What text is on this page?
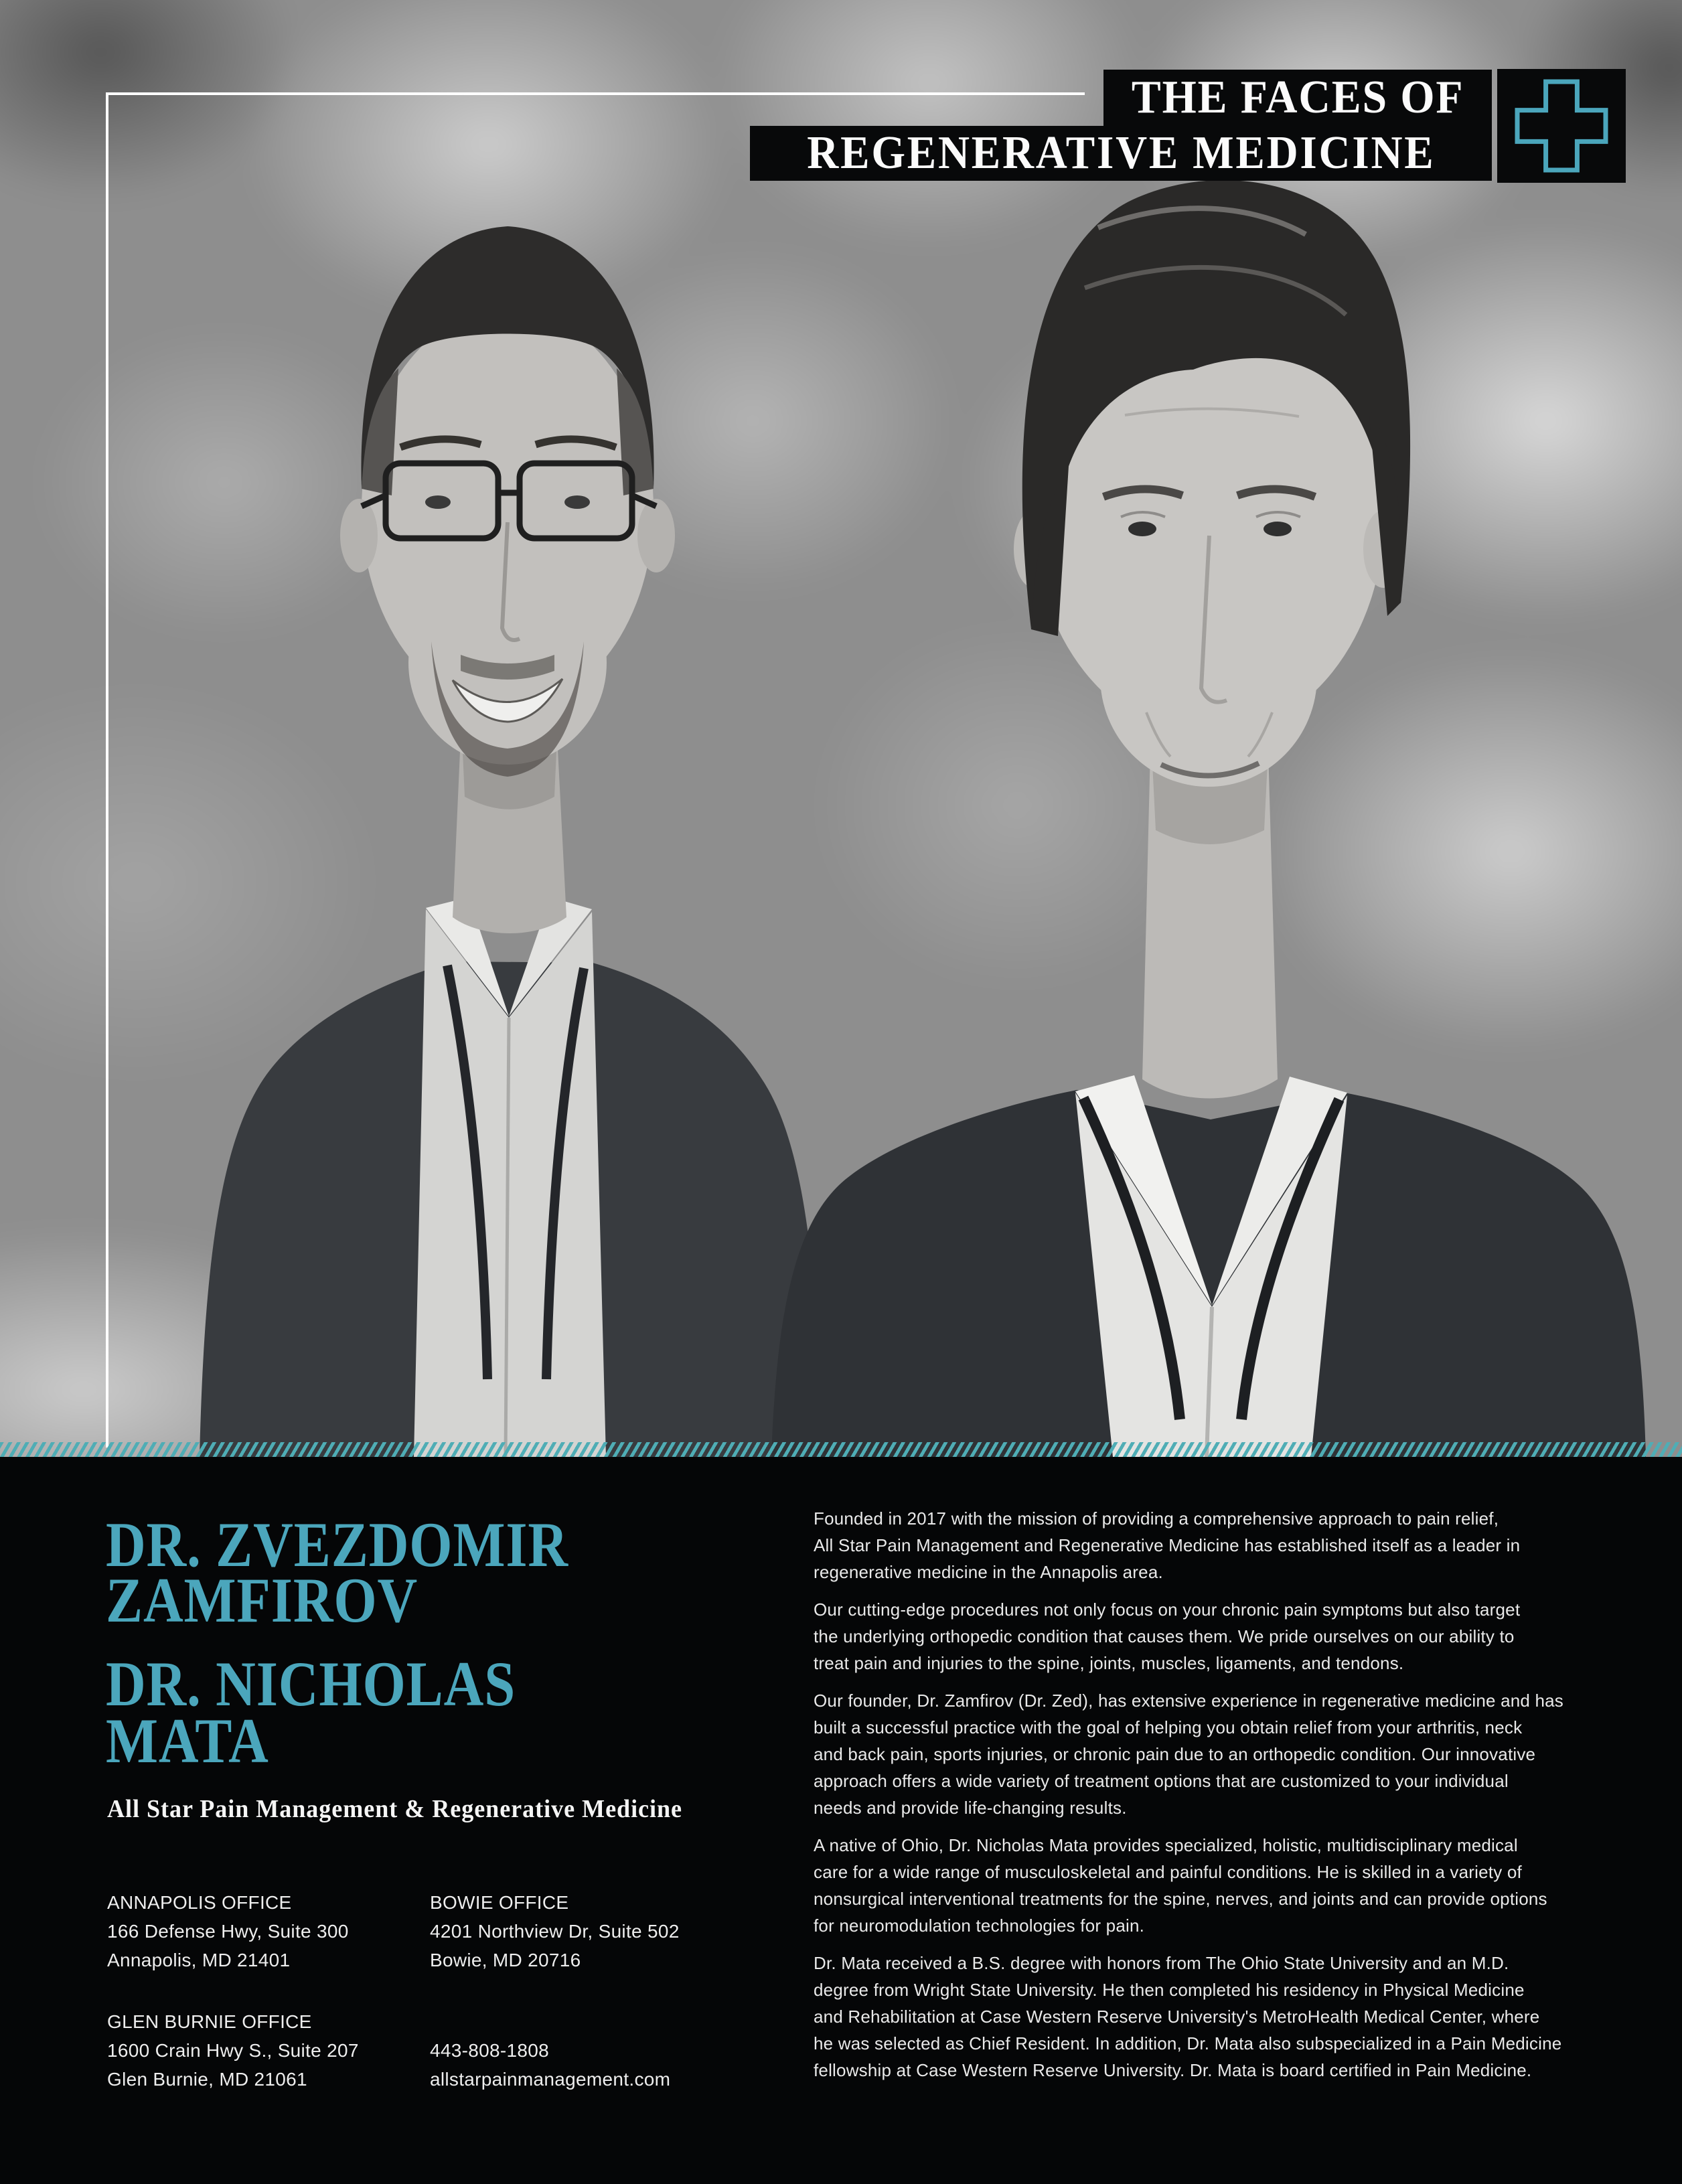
THE FACES OF
REGENERATIVE MEDICINE
DR. ZVEZDOMIR
ZAMFIROV
DR. NICHOLAS
MATA
All Star Pain Management & Regenerative Medicine
ANNAPOLIS OFFICE
166 Defense Hwy, Suite 300
Annapolis, MD 21401
BOWIE OFFICE
4201 Northview Dr, Suite 502
Bowie, MD 20716
GLEN BURNIE OFFICE
1600 Crain Hwy S., Suite 207
Glen Burnie, MD 21061
443-808-1808
allstarpainmanagement.com

Founded in 2017 with the mission of providing a comprehensive approach to pain relief,
All Star Pain Management and Regenerative Medicine has established itself as a leader in
regenerative medicine in the Annapolis area.

Our cutting-edge procedures not only focus on your chronic pain symptoms but also target
the underlying orthopedic condition that causes them. We pride ourselves on our ability to
treat pain and injuries to the spine, joints, muscles, ligaments, and tendons.

Our founder, Dr. Zamfirov (Dr. Zed), has extensive experience in regenerative medicine and has
built a successful practice with the goal of helping you obtain relief from your arthritis, neck
and back pain, sports injuries, or chronic pain due to an orthopedic condition. Our innovative
approach offers a wide variety of treatment options that are customized to your individual
needs and provide life-changing results.

A native of Ohio, Dr. Nicholas Mata provides specialized, holistic, multidisciplinary medical
care for a wide range of musculoskeletal and painful conditions. He is skilled in a variety of
nonsurgical interventional treatments for the spine, nerves, and joints and can provide options
for neuromodulation technologies for pain.

Dr. Mata received a B.S. degree with honors from The Ohio State University and an M.D.
degree from Wright State University. He then completed his residency in Physical Medicine
and Rehabilitation at Case Western Reserve University's MetroHealth Medical Center, where
he was selected as Chief Resident. In addition, Dr. Mata also subspecialized in a Pain Medicine
fellowship at Case Western Reserve University. Dr. Mata is board certified in Pain Medicine.
